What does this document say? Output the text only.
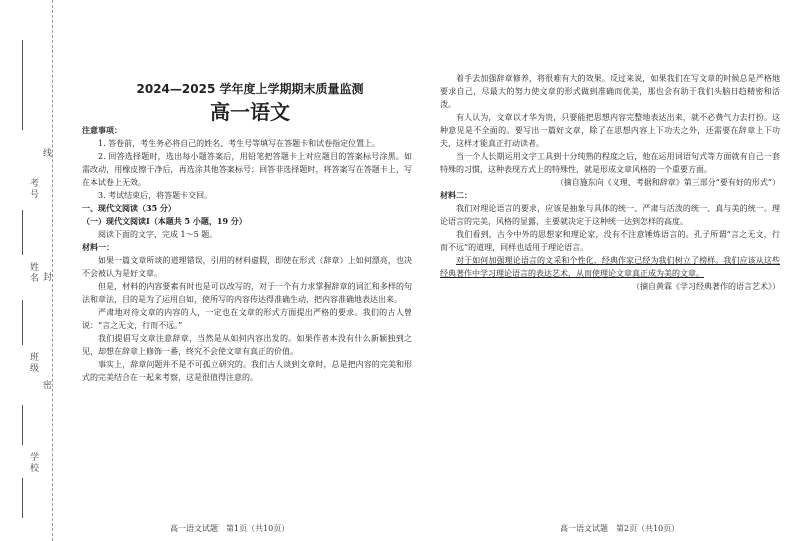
线
考号
姓名 封
班级
密
学校
2024—2025 学年度上学期期末质量监测
高一语文

注意事项：

1. 答卷前，考生务必将自己的姓名、考生号等填写在答题卡和试卷指定位置上。

2. 回答选择题时，选出每小题答案后，用铅笔把答题卡上对应题目的答案标号涂黑。如需改动，用橡皮擦干净后，再选涂其他答案标号；回答非选择题时，将答案写在答题卡上，写在本试卷上无效。

3. 考试结束后，将答题卡交回。

一、现代文阅读（35 分）

（一）现代文阅读Ⅰ（本题共 5 小题，19 分）

阅读下面的文字，完成 1～5 题。

材料一：

如果一篇文章所谈的道理错误，引用的材料虚假，即使在形式（辞章）上如何漂亮，也决不会被认为是好文章。

但是，材料的内容要素有时也是可以改写的，对于一个有力求掌握辞章的词汇和多样的句法和章法，目的是为了运用自如，使所写的内容传达得准确生动，把内容准确地表达出来。

严肃地对待文章的内容的人，一定也在文章的形式方面提出严格的要求。我们的古人曾说：“言之无文，行而不远。”

我们提倡写文章注意辞章，当然是从如何内容出发的。如果作者本没有什么新颖独到之见，却想在辞章上修饰一番，终究不会使文章有真正的价值。

事实上，辞章问题并不是不可孤立研究的。我们古人谈到文章时，总是把内容的完美和形式的完美结合在一起来考察，这是很值得注意的。

着手去加强辞章修养，将很难有大的效果。反过来说，如果我们在写文章的时候总是严格地要求自己，尽最大的努力使文章的形式做到准确而优美，那也会有助于我们头脑日趋精密和活泼。

有人认为，文章以才华为贵，只要能把思想内容完整地表达出来，就不必费气力去打扮。这种意见是不全面的。要写出一篇好文章，除了在思想内容上下功夫之外，还需要在辞章上下功夫，这样才能真正打动读者。

当一个人长期运用文字工具到十分纯熟的程度之后，他在运用词语句式等方面就有自己一套特殊的习惯，这种表现方式上的特殊性，就是形成文章风格的一个重要方面。

（摘自施东向《义理、考据和辞章》第三部分“要有好的形式”）

材料二：

我们对理论语言的要求，应该是抽象与具体的统一、严肃与活泼的统一、真与美的统一。理论语言的完美，风格的显露，主要就决定于这种统一达到怎样的高度。

我们看到，古今中外的思想家和理论家，没有不注意锤炼语言的。孔子所谓“言之无文，行而不远”的道理，同样也适用于理论语言。

对于如何加强理论语言的文采和个性化，经典作家已经为我们树立了榜样。我们应该从这些经典著作中学习理论语言的表达艺术，从而使理论文章真正成为美的文章。

（摘自黄霖《学习经典著作的语言艺术》）

高一语文试题　第1页（共10页）	高一语文试题　第2页（共10页）
